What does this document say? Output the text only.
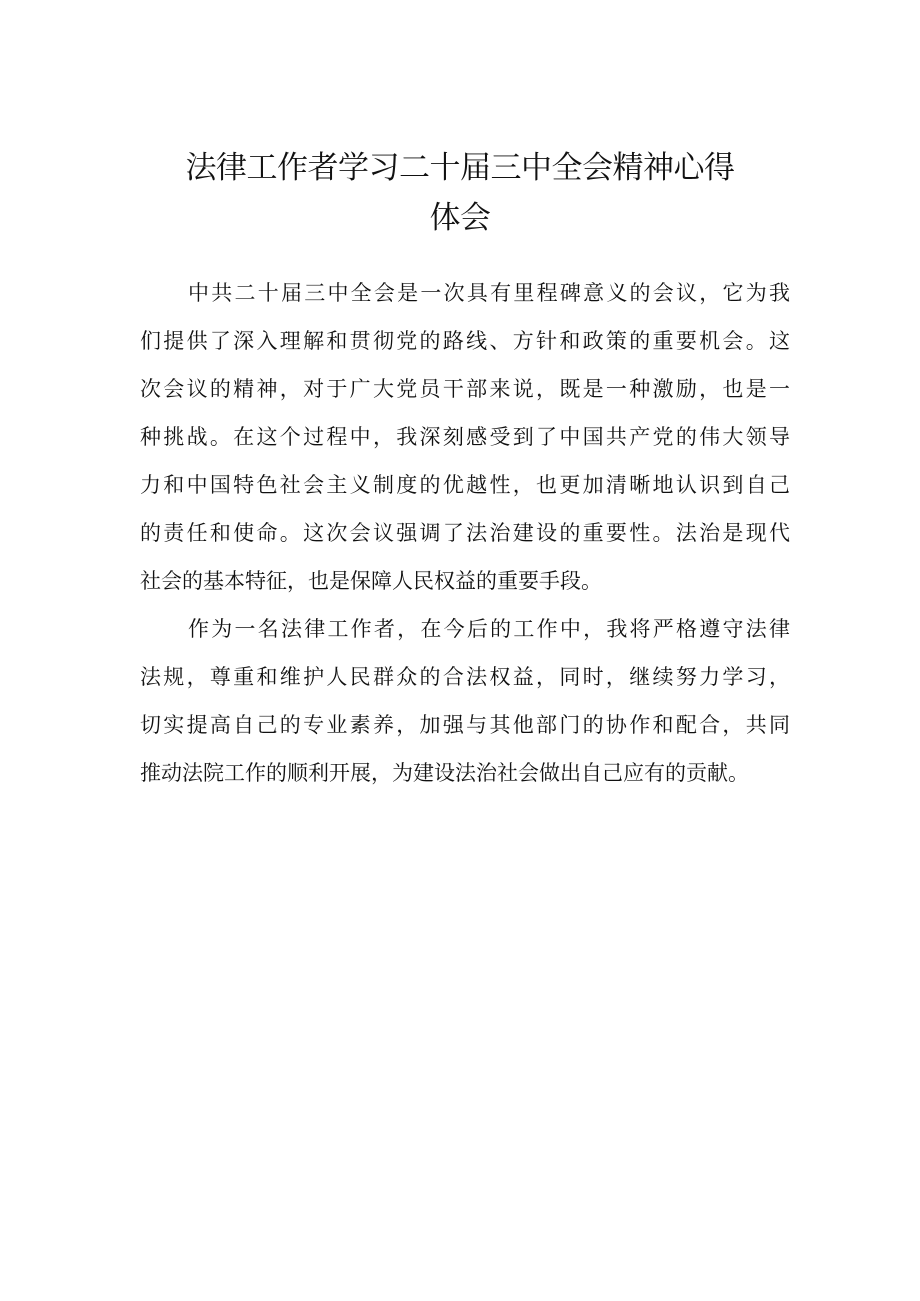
法律工作者学习二十届三中全会精神心得
体会
中共二十届三中全会是一次具有里程碑意义的会议，它为我
们提供了深入理解和贯彻党的路线、方针和政策的重要机会。这
次会议的精神，对于广大党员干部来说，既是一种激励，也是一
种挑战。在这个过程中，我深刻感受到了中国共产党的伟大领导
力和中国特色社会主义制度的优越性，也更加清晰地认识到自己
的责任和使命。这次会议强调了法治建设的重要性。法治是现代
社会的基本特征，也是保障人民权益的重要手段。
作为一名法律工作者，在今后的工作中，我将严格遵守法律
法规，尊重和维护人民群众的合法权益，同时，继续努力学习，
切实提高自己的专业素养，加强与其他部门的协作和配合，共同
推动法院工作的顺利开展，为建设法治社会做出自己应有的贡献。
